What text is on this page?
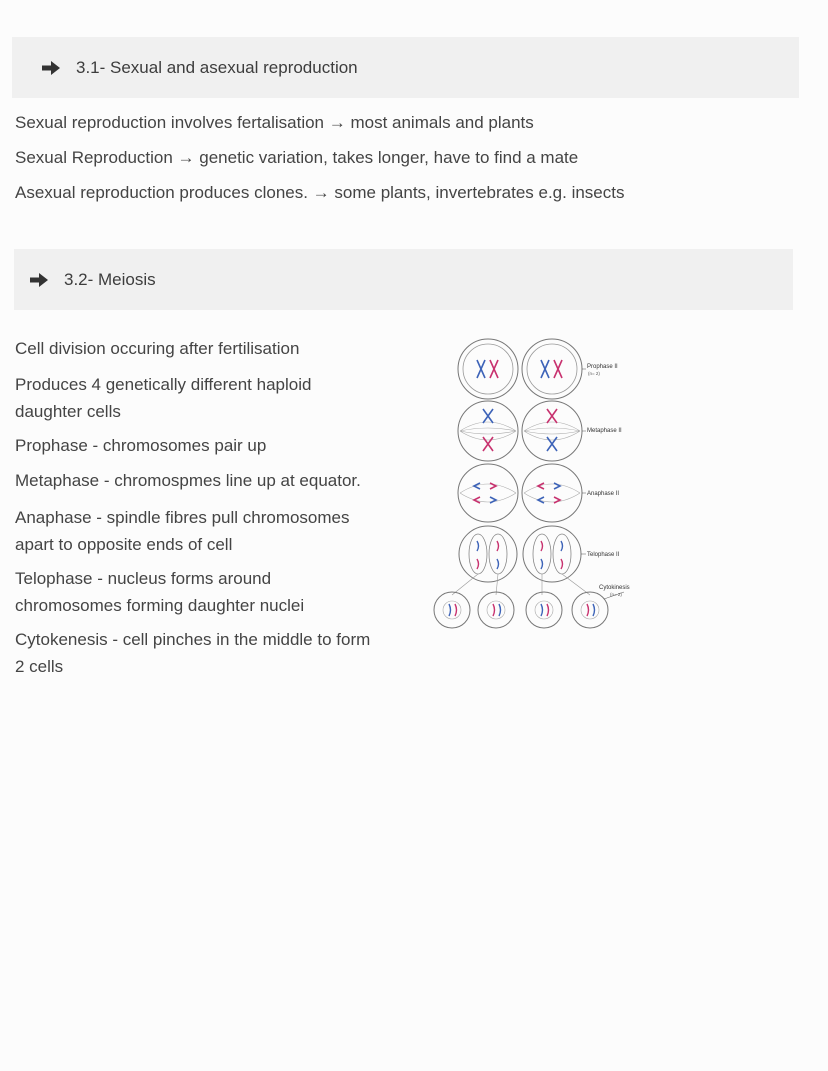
3.1- Sexual and asexual reproduction
Sexual reproduction involves fertalisation → most animals and plants
Sexual Reproduction → genetic variation, takes longer, have to find a mate
Asexual reproduction produces clones. → some plants, invertebrates e.g. insects
3.2- Meiosis
Cell division occuring after fertilisation
Produces 4 genetically different haploid daughter cells
Prophase - chromosomes pair up
Metaphase - chromospmes line up at equator.
Anaphase - spindle fibres pull chromosomes apart to opposite ends of cell
Telophase - nucleus forms around chromosomes forming daughter nuclei
Cytokenesis - cell pinches in the middle to form 2 cells
Prophase II
(n= 2)
Metaphase II
Anaphase II
Telophase II
Cytokinesis
(n= 2)
